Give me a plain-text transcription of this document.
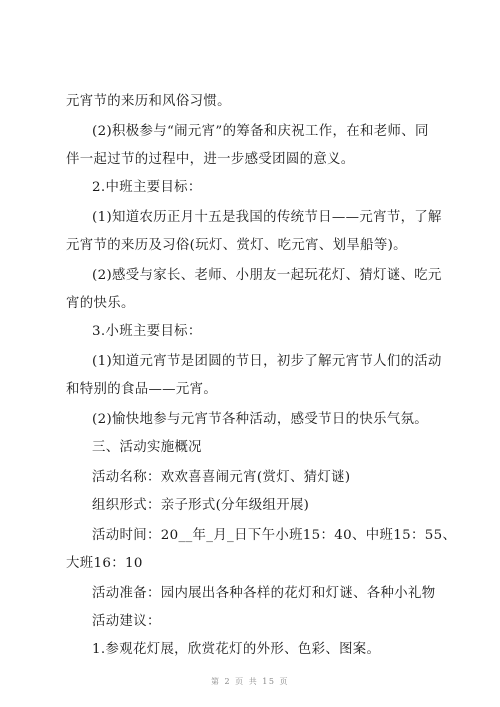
元宵节的来历和风俗习惯。
(2)积极参与“闹元宵”的筹备和庆祝工作，在和老师、同
伴一起过节的过程中，进一步感受团圆的意义。
2.中班主要目标：
(1)知道农历正月十五是我国的传统节日——元宵节，了解
元宵节的来历及习俗(玩灯、赏灯、吃元宵、划旱船等)。
(2)感受与家长、老师、小朋友一起玩花灯、猜灯谜、吃元
宵的快乐。
3.小班主要目标：
(1)知道元宵节是团圆的节日，初步了解元宵节人们的活动
和特别的食品——元宵。
(2)愉快地参与元宵节各种活动，感受节日的快乐气氛。
三、活动实施概况
活动名称：欢欢喜喜闹元宵(赏灯、猜灯谜)
组织形式：亲子形式(分年级组开展)
活动时间：20__年_月_日下午小班15：40、中班15：55、
大班16：10
活动准备：园内展出各种各样的花灯和灯谜、各种小礼物
活动建议：
1.参观花灯展，欣赏花灯的外形、色彩、图案。
第 2 页 共 15 页
